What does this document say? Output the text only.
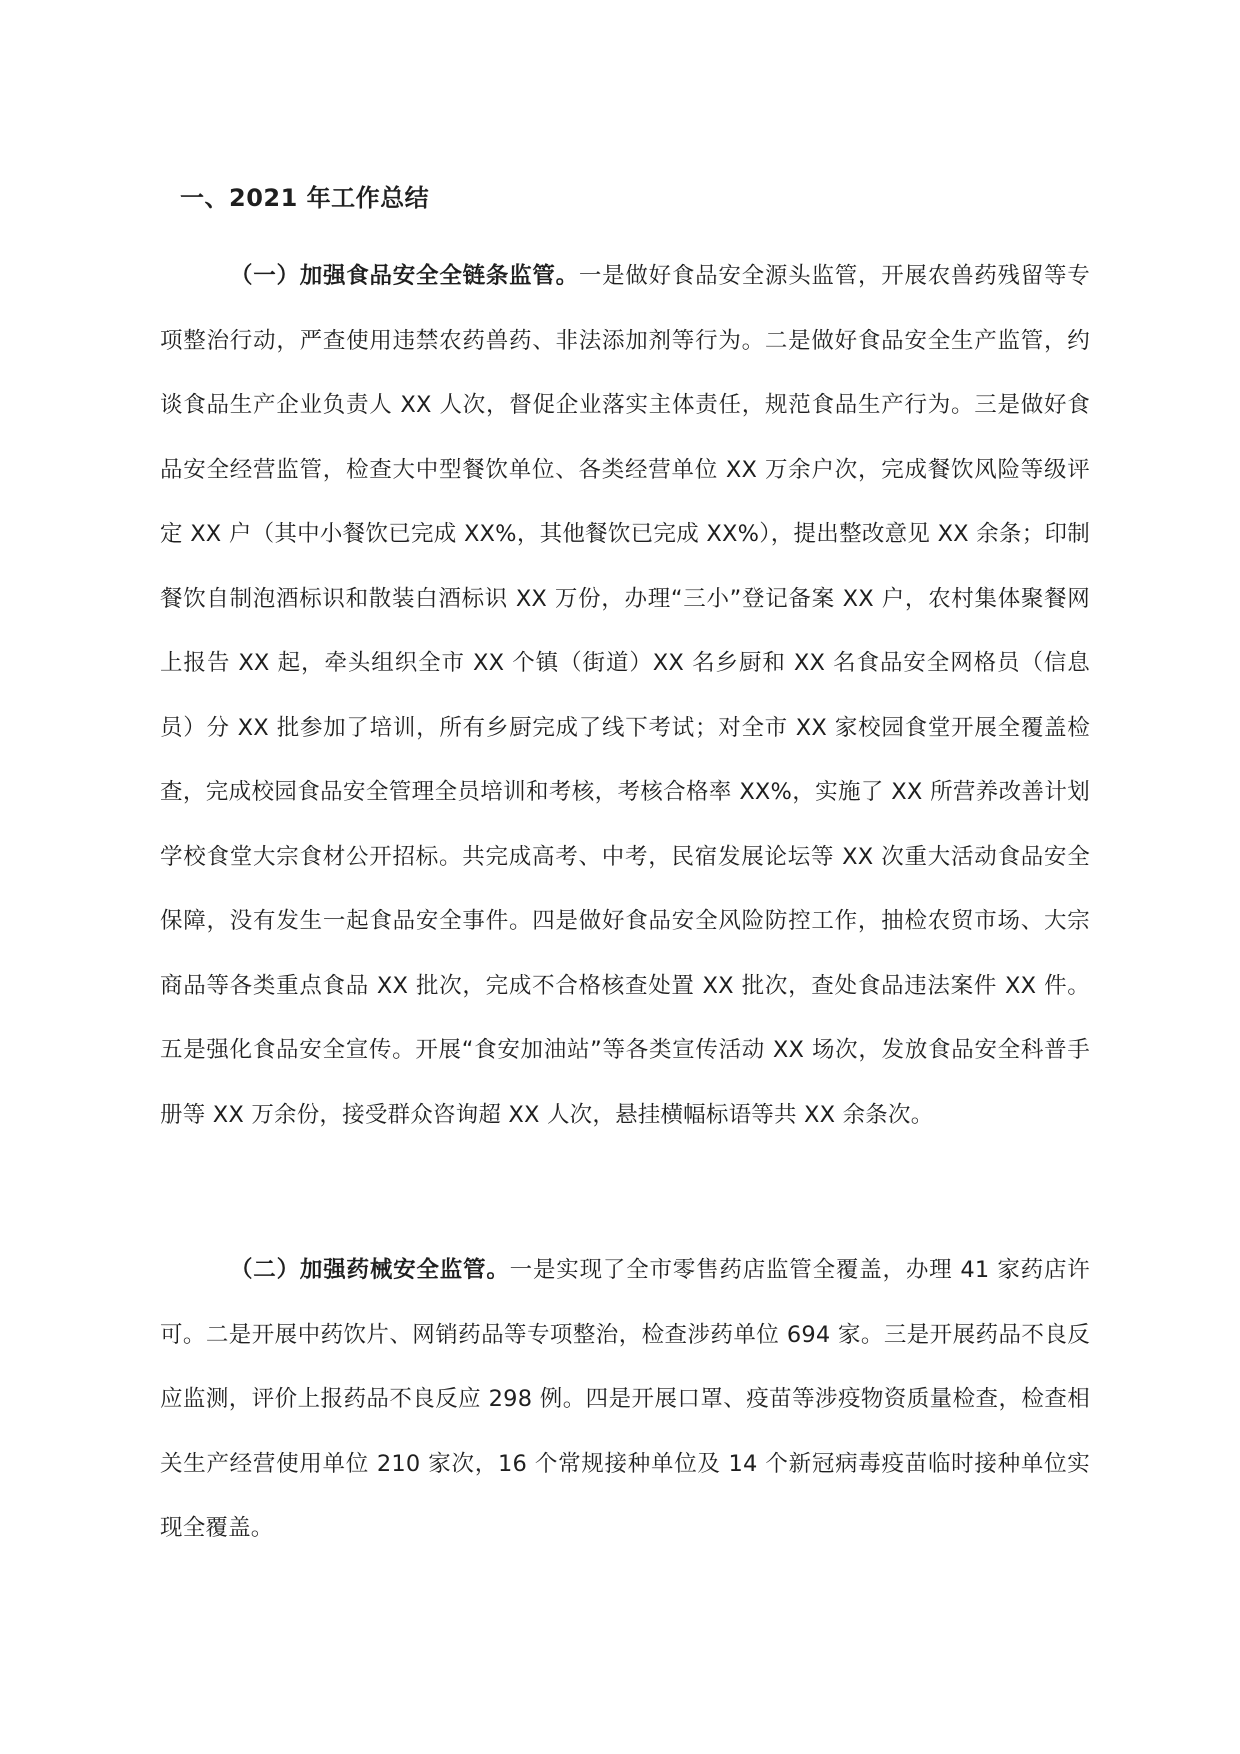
一、2021 年工作总结

（一）加强食品安全全链条监管。一是做好食品安全源头监管，开展农兽药残留等专项整治行动，严查使用违禁农药兽药、非法添加剂等行为。二是做好食品安全生产监管，约谈食品生产企业负责人 XX 人次，督促企业落实主体责任，规范食品生产行为。三是做好食品安全经营监管，检查大中型餐饮单位、各类经营单位 XX 万余户次，完成餐饮风险等级评定 XX 户（其中小餐饮已完成 XX%，其他餐饮已完成 XX%），提出整改意见 XX 余条；印制餐饮自制泡酒标识和散装白酒标识 XX 万份，办理“三小”登记备案 XX 户，农村集体聚餐网上报告 XX 起，牵头组织全市 XX 个镇（街道）XX 名乡厨和 XX 名食品安全网格员（信息员）分 XX 批参加了培训，所有乡厨完成了线下考试；对全市 XX 家校园食堂开展全覆盖检查，完成校园食品安全管理全员培训和考核，考核合格率 XX%，实施了 XX 所营养改善计划学校食堂大宗食材公开招标。共完成高考、中考，民宿发展论坛等 XX 次重大活动食品安全保障，没有发生一起食品安全事件。四是做好食品安全风险防控工作，抽检农贸市场、大宗商品等各类重点食品 XX 批次，完成不合格核查处置 XX 批次，查处食品违法案件 XX 件。五是强化食品安全宣传。开展“食安加油站”等各类宣传活动 XX 场次，发放食品安全科普手册等 XX 万余份，接受群众咨询超 XX 人次，悬挂横幅标语等共 XX 余条次。

（二）加强药械安全监管。一是实现了全市零售药店监管全覆盖，办理 41 家药店许可。二是开展中药饮片、网销药品等专项整治，检查涉药单位 694 家。三是开展药品不良反应监测，评价上报药品不良反应 298 例。四是开展口罩、疫苗等涉疫物资质量检查，检查相关生产经营使用单位 210 家次，16 个常规接种单位及 14 个新冠病毒疫苗临时接种单位实现全覆盖。
